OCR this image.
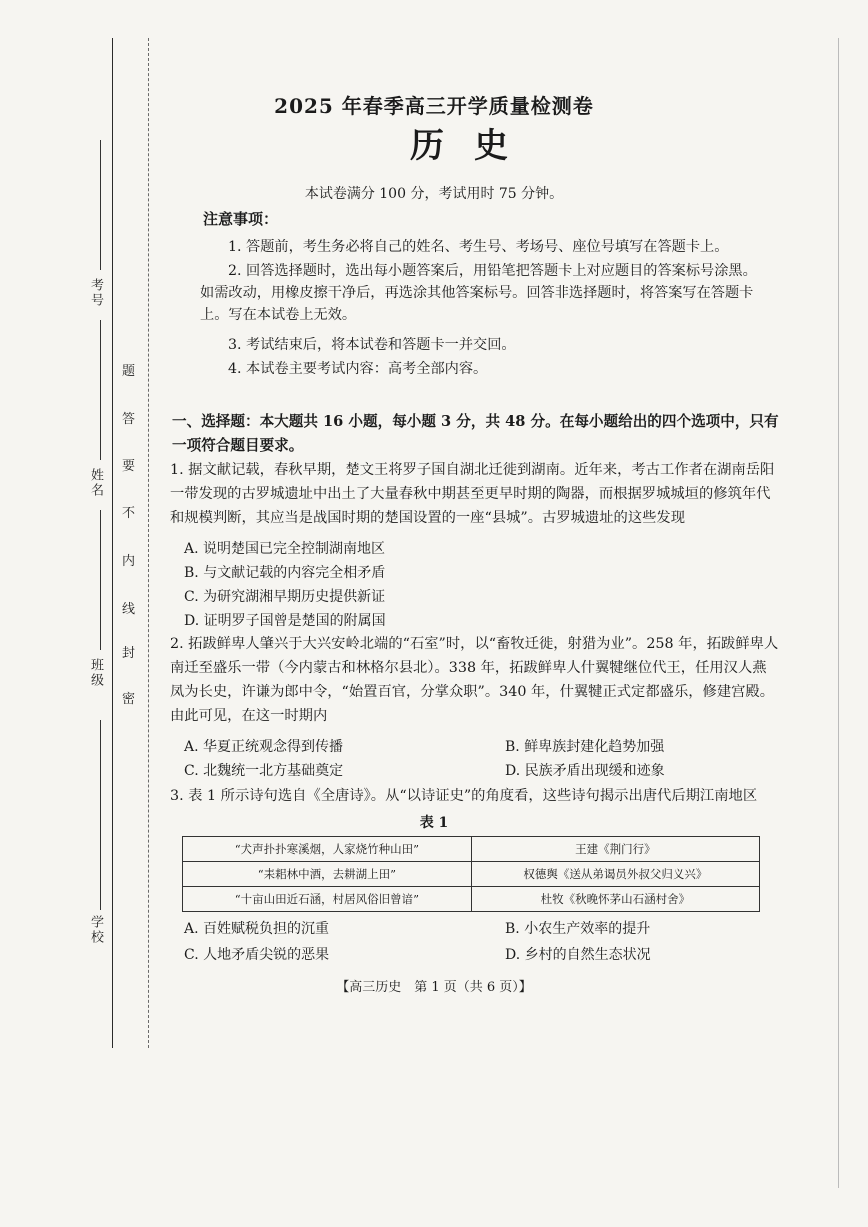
考号
姓名
班级
学校
题
答
要
不
内
线
封
密
2025 年春季高三开学质量检测卷
历史
本试卷满分 100 分，考试用时 75 分钟。
注意事项：
1. 答题前，考生务必将自己的姓名、考生号、考场号、座位号填写在答题卡上。
2. 回答选择题时，选出每小题答案后，用铅笔把答题卡上对应题目的答案标号涂黑。如需改动，用橡皮擦干净后，再选涂其他答案标号。回答非选择题时，将答案写在答题卡上。写在本试卷上无效。
3. 考试结束后，将本试卷和答题卡一并交回。
4. 本试卷主要考试内容：高考全部内容。
一、选择题：本大题共 16 小题，每小题 3 分，共 48 分。在每小题给出的四个选项中，只有一项符合题目要求。
1. 据文献记载，春秋早期，楚文王将罗子国自湖北迁徙到湖南。近年来，考古工作者在湖南岳阳一带发现的古罗城遗址中出土了大量春秋中期甚至更早时期的陶器，而根据罗城城垣的修筑年代和规模判断，其应当是战国时期的楚国设置的一座“县城”。古罗城遗址的这些发现
A. 说明楚国已完全控制湖南地区
B. 与文献记载的内容完全相矛盾
C. 为研究湖湘早期历史提供新证
D. 证明罗子国曾是楚国的附属国
2. 拓跋鲜卑人肇兴于大兴安岭北端的“石室”时，以“畜牧迁徙，射猎为业”。258 年，拓跋鲜卑人南迁至盛乐一带（今内蒙古和林格尔县北）。338 年，拓跋鲜卑人什翼犍继位代王，任用汉人燕凤为长史，许谦为郎中令，“始置百官，分掌众职”。340 年，什翼犍正式定都盛乐，修建宫殿。由此可见，在这一时期内
A. 华夏正统观念得到传播	B. 鲜卑族封建化趋势加强
C. 北魏统一北方基础奠定	D. 民族矛盾出现缓和迹象
3. 表 1 所示诗句选自《全唐诗》。从“以诗证史”的角度看，这些诗句揭示出唐代后期江南地区
表 1
“犬声扑扑寒溪烟，人家烧竹种山田”	王建《荆门行》
“耒耜林中酒，去耕湖上田”	权德舆《送从弟谒员外叔父归义兴》
“十亩山田近石涵，村居风俗旧曾谙”	杜牧《秋晚怀茅山石涵村舍》
A. 百姓赋税负担的沉重	B. 小农生产效率的提升
C. 人地矛盾尖锐的恶果	D. 乡村的自然生态状况
【高三历史　第 1 页（共 6 页）】
